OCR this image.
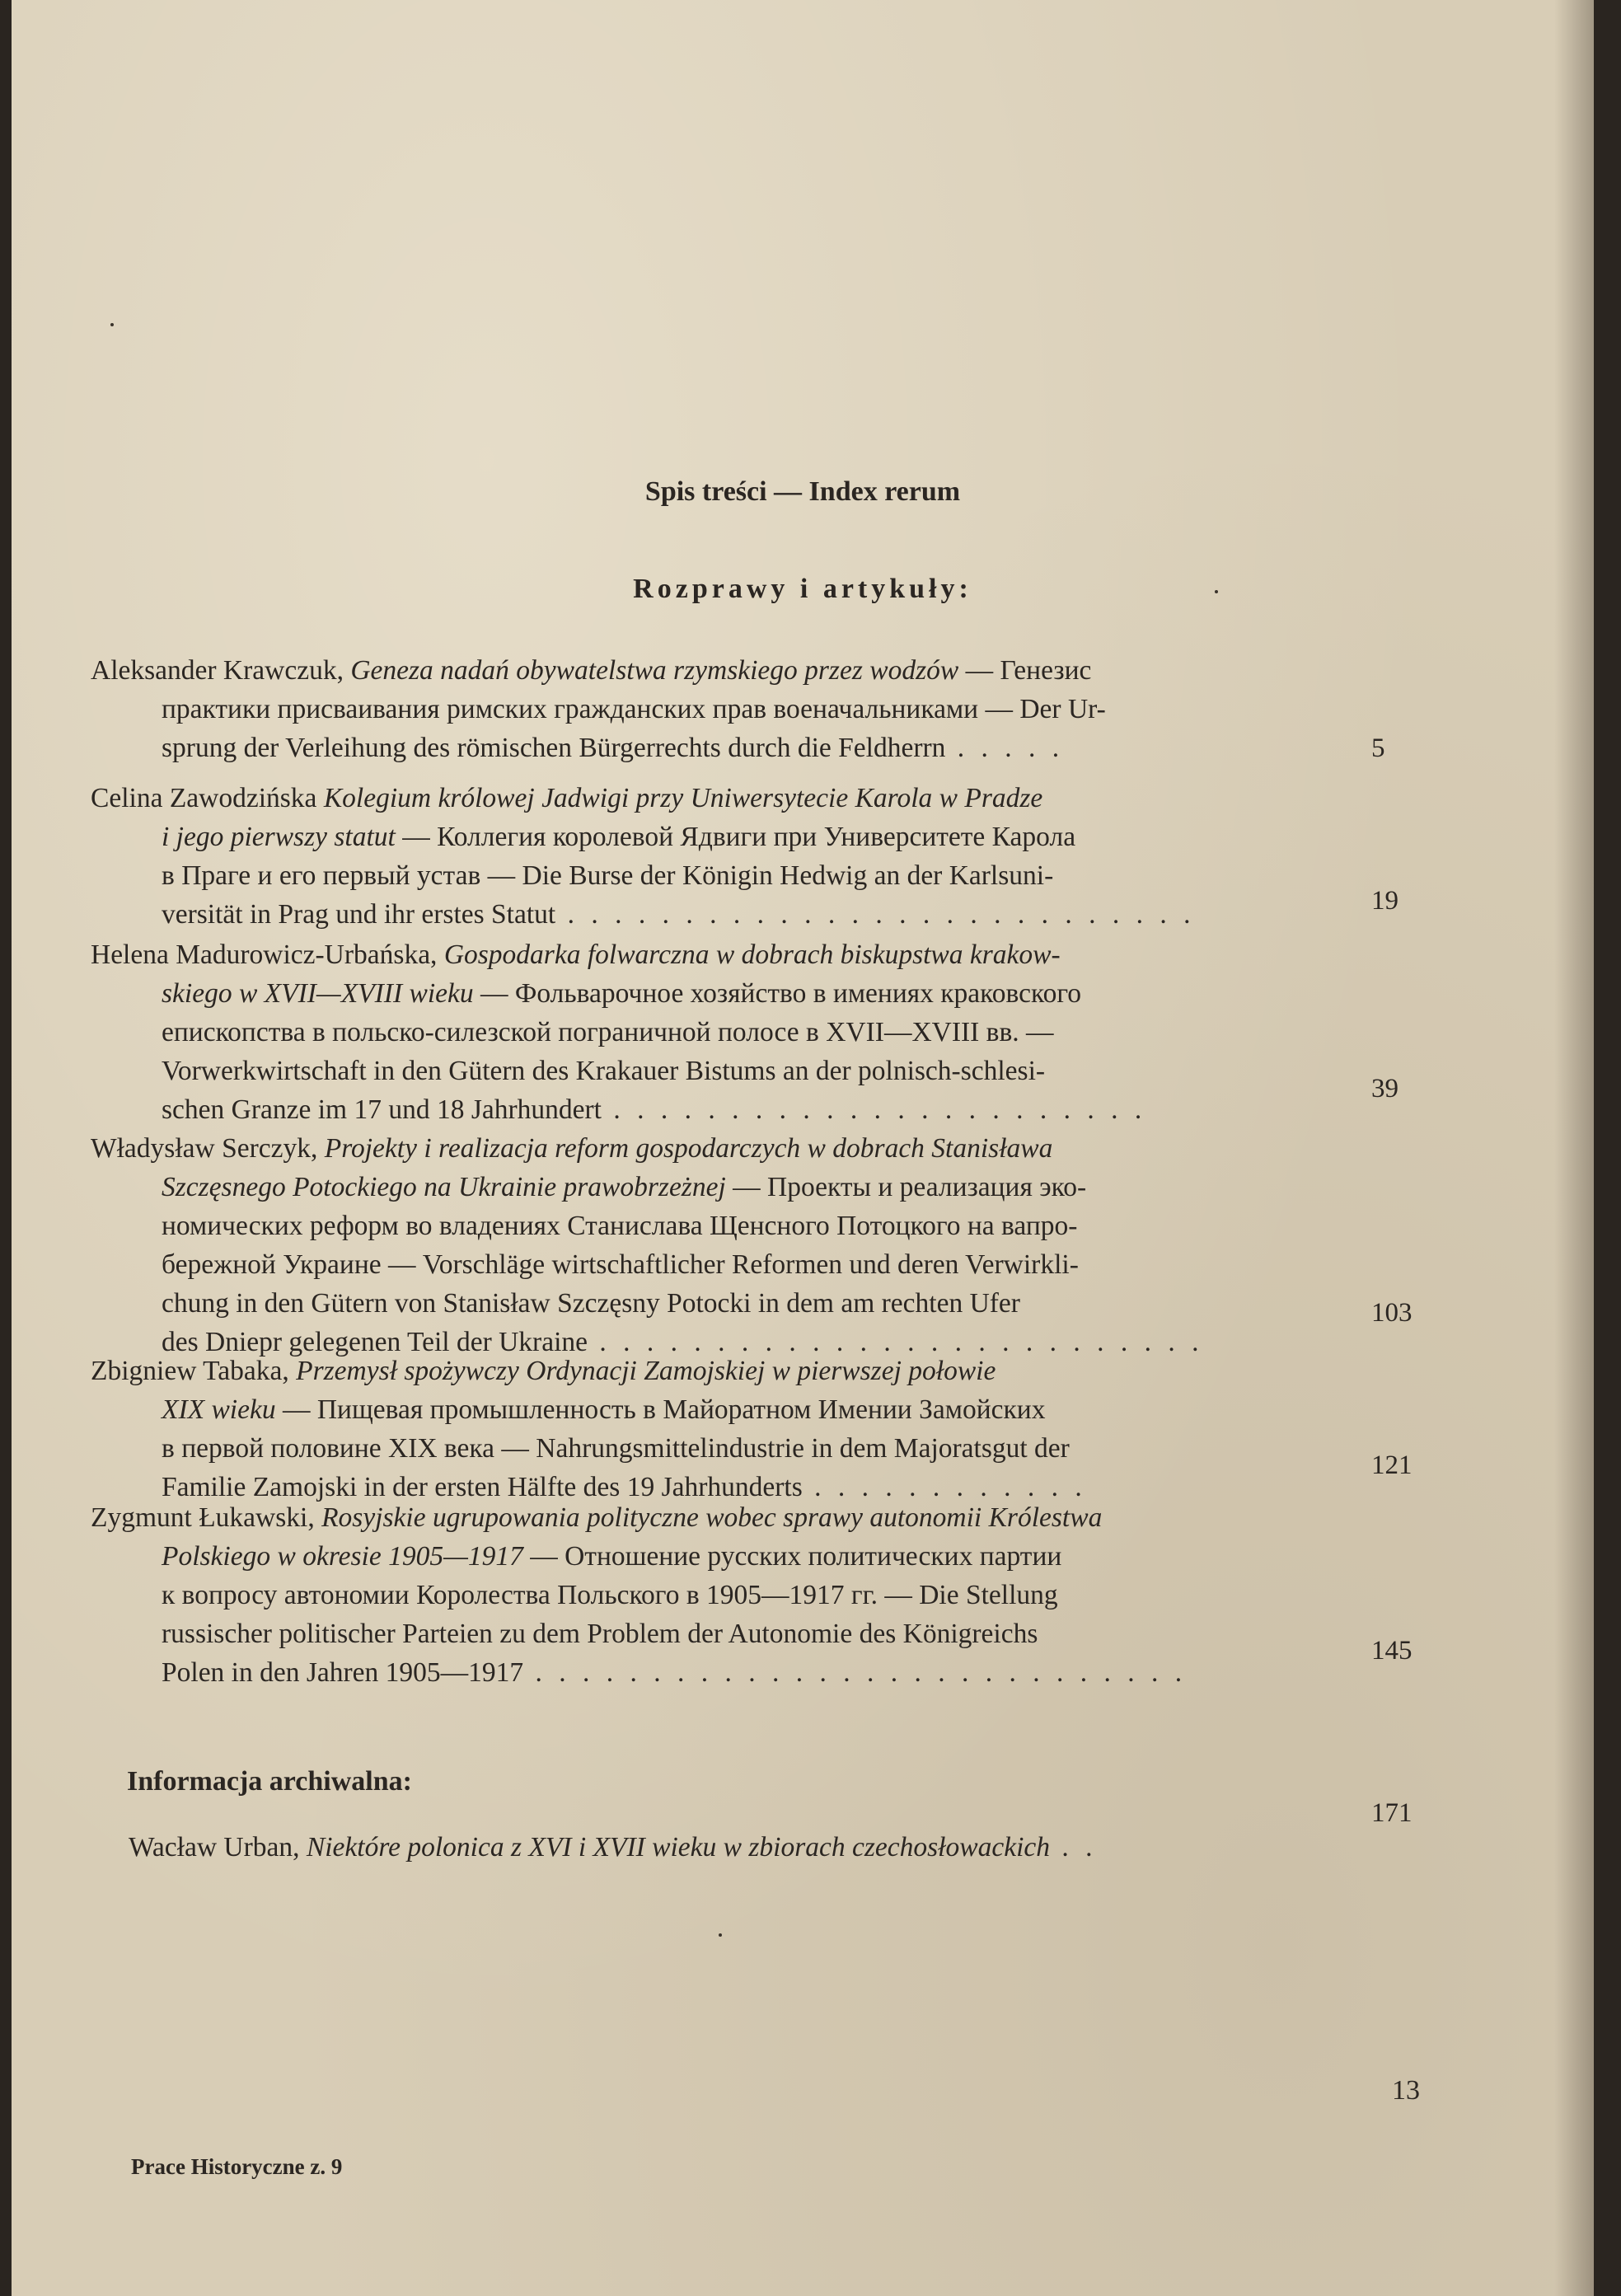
Spis treści — Index rerum
Rozprawy i artykuły:
Aleksander Krawczuk, Geneza nadań obywatelstwa rzymskiego przez wodzów — Генезис
практики присваивания римских гражданских прав военачальниками — Der Ur-
sprung der Verleihung des römischen Bürgerrechts durch die Feldherrn . . . . .	5
Celina Zawodzińska Kolegium królowej Jadwigi przy Uniwersytecie Karola w Pradze
i jego pierwszy statut — Коллегия королевой Ядвиги при Университете Карола
в Праге и его первый устав — Die Burse der Königin Hedwig an der Karlsuni-
versität in Prag und ihr erstes Statut . . . . . . . . . . . . . . . . . . . . . . . . . . .	19
Helena Madurowicz-Urbańska, Gospodarka folwarczna w dobrach biskupstwa krakow-
skiego w XVII—XVIII wieku — Фольварочное хозяйство в имениях краковского
епископства в польско-силезской пограничной полосе в XVII—XVIII вв. —
Vorwerkwirtschaft in den Gütern des Krakauer Bistums an der polnisch-schlesi-
schen Granze im 17 und 18 Jahrhundert . . . . . . . . . . . . . . . . . . . . . . .
39
Władysław Serczyk, Projekty i realizacja reform gospodarczych w dobrach Stanisława
Szczęsnego Potockiego na Ukrainie prawobrzeżnej — Проекты и реализация эко-
номических реформ во владениях Станислава Щенсного Потоцкого на вапро-
бережной Украине — Vorschläge wirtschaftlicher Reformen und deren Verwirkli-
chung in den Gütern von Stanisław Szczęsny Potocki in dem am rechten Ufer
des Dniepr gelegenen Teil der Ukraine . . . . . . . . . . . . . . . . . . . . . . . . . .
103
Zbigniew Tabaka, Przemysł spożywczy Ordynacji Zamojskiej w pierwszej połowie
XIX wieku — Пищевая промышленность в Майоратном Имении Замойских
в первой половине XIX века — Nahrungsmittelindustrie in dem Majoratsgut der
Familie Zamojski in der ersten Hälfte des 19 Jahrhunderts . . . . . . . . . . . .
121
Zygmunt Łukawski, Rosyjskie ugrupowania polityczne wobec sprawy autonomii Królestwa
Polskiego w okresie 1905—1917 — Отношение русских политических партии
к вопросу автономии Королества Польского в 1905—1917 гг. — Die Stellung
russischer politischer Parteien zu dem Problem der Autonomie des Königreichs
Polen in den Jahren 1905—1917 . . . . . . . . . . . . . . . . . . . . . . . . . . . .
145
Informacja archiwalna:
Wacław Urban, Niektóre polonica z XVI i XVII wieku w zbiorach czechosłowackich . .
171
13
Prace Historyczne z. 9
